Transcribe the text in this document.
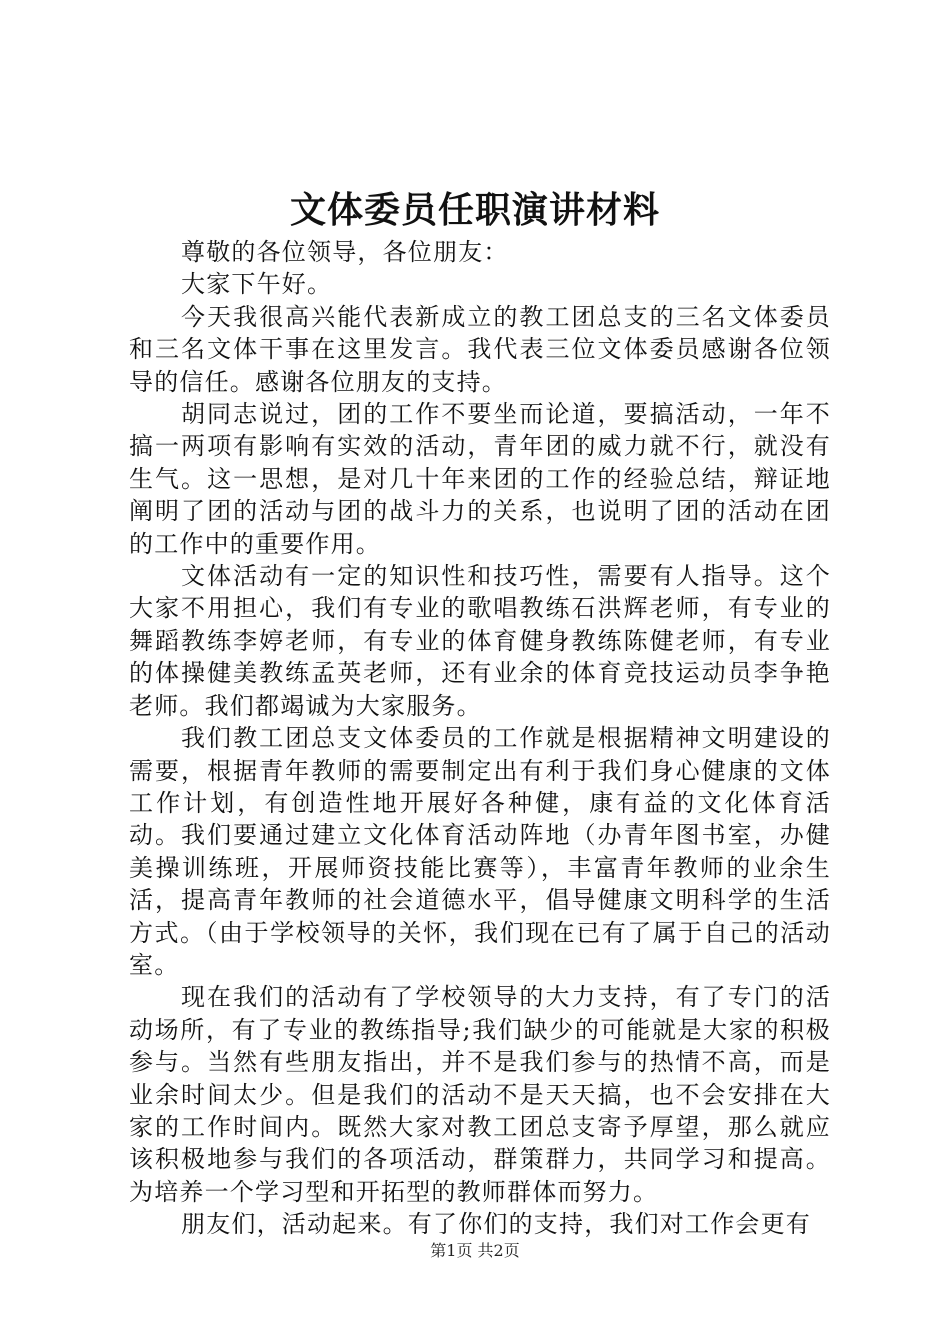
文体委员任职演讲材料

尊敬的各位领导，各位朋友：

大家下午好。

今天我很高兴能代表新成立的教工团总支的三名文体委员和三名文体干事在这里发言。我代表三位文体委员感谢各位领导的信任。感谢各位朋友的支持。

胡同志说过，团的工作不要坐而论道，要搞活动，一年不搞一两项有影响有实效的活动，青年团的威力就不行，就没有生气。这一思想，是对几十年来团的工作的经验总结，辩证地阐明了团的活动与团的战斗力的关系，也说明了团的活动在团的工作中的重要作用。

文体活动有一定的知识性和技巧性，需要有人指导。这个大家不用担心，我们有专业的歌唱教练石洪辉老师，有专业的舞蹈教练李婷老师，有专业的体育健身教练陈健老师，有专业的体操健美教练孟英老师，还有业余的体育竞技运动员李争艳老师。我们都竭诚为大家服务。

我们教工团总支文体委员的工作就是根据精神文明建设的需要，根据青年教师的需要制定出有利于我们身心健康的文体工作计划，有创造性地开展好各种健，康有益的文化体育活动。我们要通过建立文化体育活动阵地（办青年图书室，办健美操训练班，开展师资技能比赛等），丰富青年教师的业余生活，提高青年教师的社会道德水平，倡导健康文明科学的生活方式。（由于学校领导的关怀，我们现在已有了属于自己的活动室。

现在我们的活动有了学校领导的大力支持，有了专门的活动场所，有了专业的教练指导;我们缺少的可能就是大家的积极参与。当然有些朋友指出，并不是我们参与的热情不高，而是业余时间太少。但是我们的活动不是天天搞，也不会安排在大家的工作时间内。既然大家对教工团总支寄予厚望，那么就应该积极地参与我们的各项活动，群策群力，共同学习和提高。为培养一个学习型和开拓型的教师群体而努力。

朋友们，活动起来。有了你们的支持，我们对工作会更有

第1页 共2页
